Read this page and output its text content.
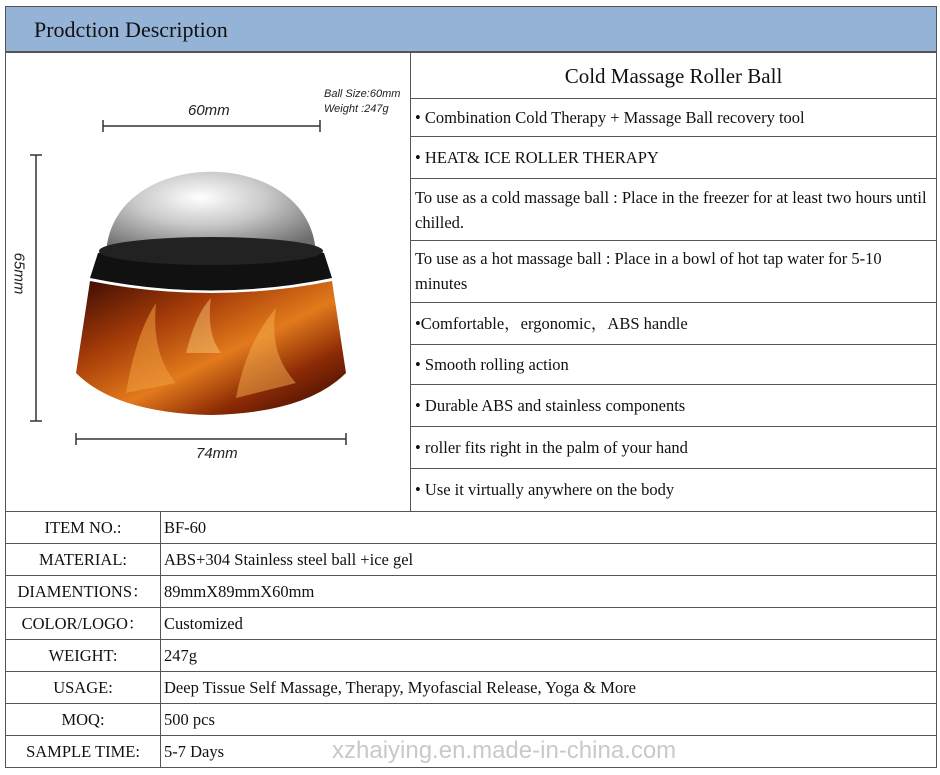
Prodction Description
Ball Size:60mm
Weight :247g
60mm
65mm
74mm
Cold Massage Roller Ball
• Combination Cold Therapy + Massage Ball recovery tool
• HEAT& ICE ROLLER THERAPY
To use as a cold massage ball : Place in the freezer for at least two hours until chilled.
To use as a hot massage ball : Place in a bowl of hot tap water for 5-10 minutes
•Comfortable，ergonomic，ABS handle
• Smooth rolling action
• Durable ABS and stainless components
• roller fits right in the palm of your hand
• Use it virtually anywhere on the body
ITEM NO.:	BF-60
MATERIAL:	ABS+304 Stainless steel ball +ice gel
DIAMENTIONS： 89mmX89mmX60mm
COLOR/LOGO：	Customized
WEIGHT:	247g
USAGE:	Deep Tissue Self Massage, Therapy, Myofascial Release, Yoga & More
MOQ:	500 pcs
SAMPLE TIME:	5-7 Days	xzhaiying.en.made-in-china.com
